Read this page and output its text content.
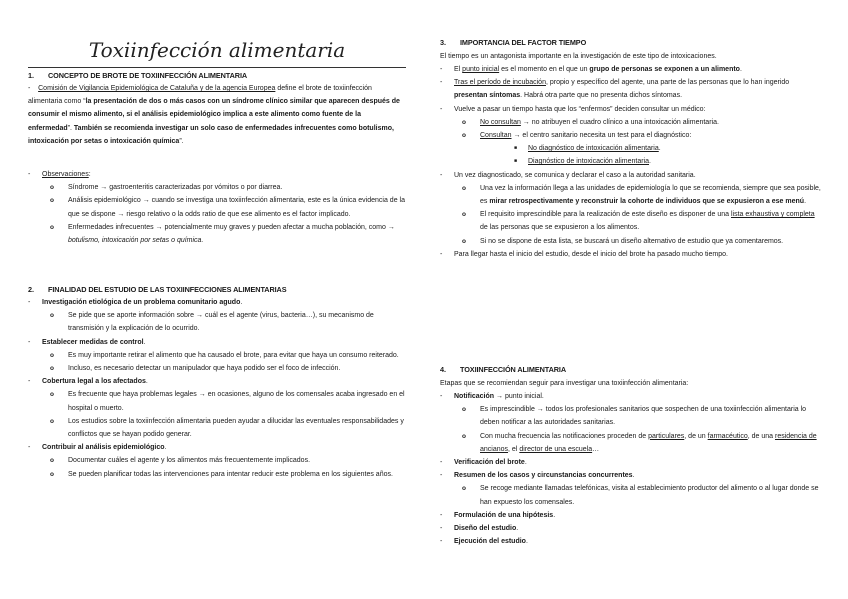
Toxiinfección alimentaria
1. CONCEPTO DE BROTE DE TOXIINFECCIÓN ALIMENTARIA

-    Comisión de Vigilancia Epidemiológica de Cataluña y de la agencia Europea define el brote de toxiinfección alimentaria como “la presentación de dos o más casos con un síndrome clínico similar que aparecen después de consumir el mismo alimento, si el análisis epidemiológico implica a este alimento como fuente de la enfermedad”. También se recomienda investigar un solo caso de enfermedades infrecuentes como botulismo, intoxicación por setas o intoxicación química”.

- Observaciones:
o Síndrome → gastroenteritis caracterizadas por vómitos o por diarrea.
o Análisis epidemiológico → cuando se investiga una toxiinfección alimentaria, este es la única evidencia de la que se dispone → riesgo relativo o la odds ratio de que ese alimento es el factor implicado.
o Enfermedades infrecuentes → potencialmente muy graves y pueden afectar a mucha población, como → botulismo, intoxicación por setas o química.
2. FINALIDAD DEL ESTUDIO DE LAS TOXIINFECCIONES ALIMENTARIAS
- Investigación etiológica de un problema comunitario agudo.
o Se pide que se aporte información sobre → cuál es el agente (virus, bacteria…), su mecanismo de transmisión y la explicación de lo ocurrido.
- Establecer medidas de control.
o Es muy importante retirar el alimento que ha causado el brote, para evitar que haya un consumo reiterado.
o Incluso, es necesario detectar un manipulador que haya podido ser el foco de infección.
- Cobertura legal a los afectados.
o Es frecuente que haya problemas legales → en ocasiones, alguno de los comensales acaba ingresado en el hospital o muerto.
o Los estudios sobre la toxiinfección alimentaria pueden ayudar a dilucidar las eventuales responsabilidades y conflictos que se hayan podido generar.
- Contribuir al análisis epidemiológico.
o Documentar cuáles el agente y los alimentos más frecuentemente implicados.
o Se pueden planificar todas las intervenciones para intentar reducir este problema en los siguientes años.
3. IMPORTANCIA DEL FACTOR TIEMPO

El tiempo es un antagonista importante en la investigación de este tipo de intoxicaciones.

- El punto inicial es el momento en el que un grupo de personas se exponen a un alimento.
- Tras el período de incubación, propio y específico del agente, una parte de las personas que lo han ingerido presentan síntomas. Habrá otra parte que no presenta dichos síntomas.
- Vuelve a pasar un tiempo hasta que los “enfermos” deciden consultar un médico:
o No consultan → no atribuyen el cuadro clínico a una intoxicación alimentaria.
o Consultan → el centro sanitario necesita un test para el diagnóstico:
■ No diagnóstico de intoxicación alimentaria.
■ Diagnóstico de intoxicación alimentaria.
- Un vez diagnosticado, se comunica y declarar el caso a la autoridad sanitaria.
o Una vez la información llega a las unidades de epidemiología lo que se recomienda, siempre que sea posible, es mirar retrospectivamente y reconstruir la cohorte de individuos que se expusieron a ese menú.
o El requisito imprescindible para la realización de este diseño es disponer de una lista exhaustiva y completa de las personas que se expusieron a los alimentos.
o Si no se dispone de esta lista, se buscará un diseño alternativo de estudio que ya comentaremos.
- Para llegar hasta el inicio del estudio, desde el inicio del brote ha pasado mucho tiempo.
4. TOXIINFECCIÓN ALIMENTARIA

Etapas que se recomiendan seguir para investigar una toxiinfección alimentaria:

- Notificación → punto inicial.
o Es imprescindible → todos los profesionales sanitarios que sospechen de una toxiinfección alimentaria lo deben notificar a las autoridades sanitarias.
o Con mucha frecuencia las notificaciones proceden de particulares, de un farmacéutico, de una residencia de ancianos, el director de una escuela…
- Verificación del brote.
- Resumen de los casos y circunstancias concurrentes.
o Se recoge mediante llamadas telefónicas, visita al establecimiento productor del alimento o al lugar donde se han expuesto los comensales.
- Formulación de una hipótesis.
- Diseño del estudio.
- Ejecución del estudio.
